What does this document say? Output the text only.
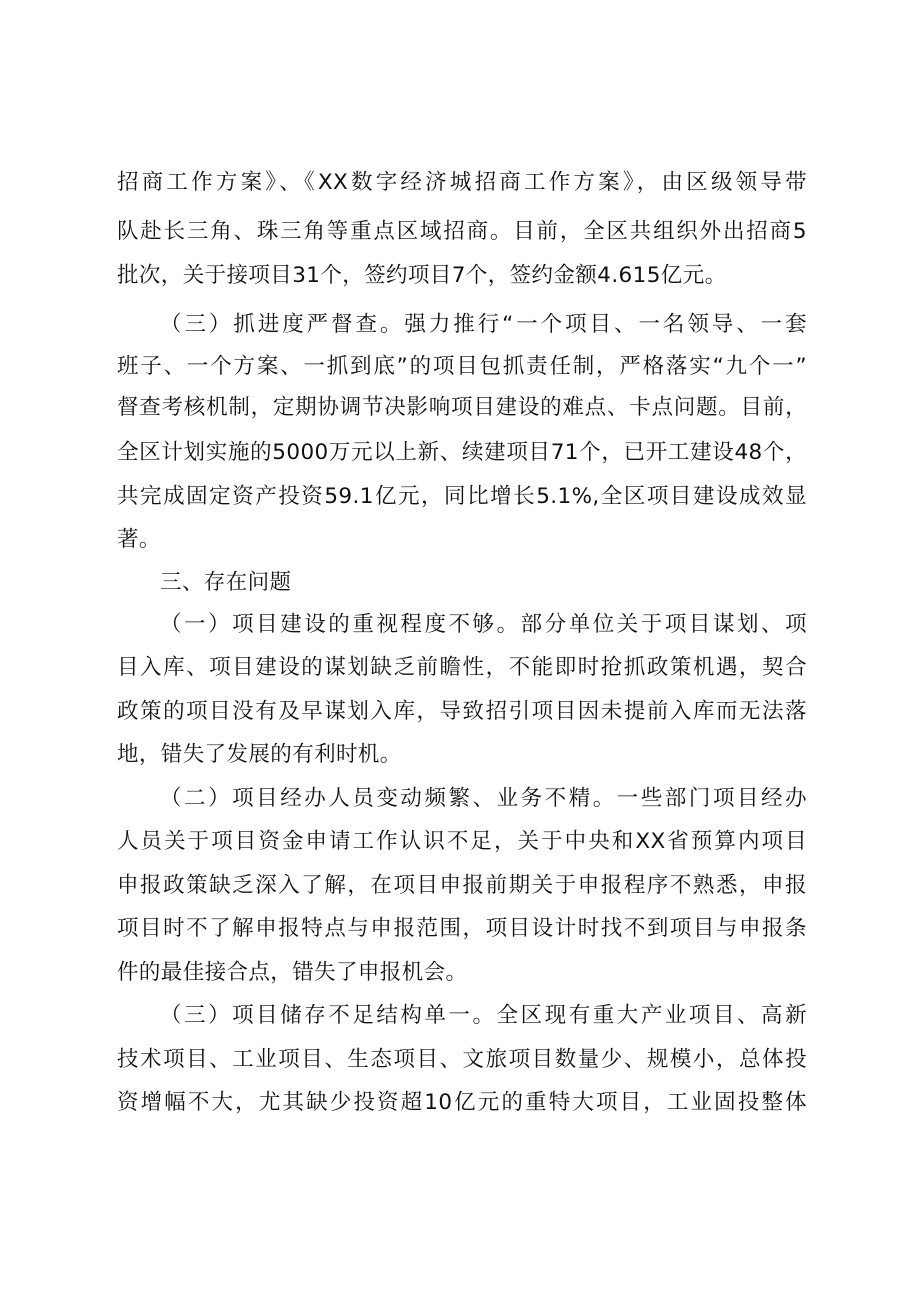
招商工作方案》、《XX数字经济城招商工作方案》，由区级领导带
队赴长三角、珠三角等重点区域招商。目前，全区共组织外出招商5
批次，关于接项目31个，签约项目7个，签约金额4.615亿元。
（三）抓进度严督查。强力推行“一个项目、一名领导、一套
班子、一个方案、一抓到底”的项目包抓责任制，严格落实“九个一”
督查考核机制，定期协调节决影响项目建设的难点、卡点问题。目前，
全区计划实施的5000万元以上新、续建项目71个，已开工建设48个，
共完成固定资产投资59.1亿元，同比增长5.1%,全区项目建设成效显
著。
三、存在问题
（一）项目建设的重视程度不够。部分单位关于项目谋划、项
目入库、项目建设的谋划缺乏前瞻性，不能即时抢抓政策机遇，契合
政策的项目没有及早谋划入库，导致招引项目因未提前入库而无法落
地，错失了发展的有利时机。
（二）项目经办人员变动频繁、业务不精。一些部门项目经办
人员关于项目资金申请工作认识不足，关于中央和XX省预算内项目
申报政策缺乏深入了解，在项目申报前期关于申报程序不熟悉，申报
项目时不了解申报特点与申报范围，项目设计时找不到项目与申报条
件的最佳接合点，错失了申报机会。
（三）项目储存不足结构单一。全区现有重大产业项目、高新
技术项目、工业项目、生态项目、文旅项目数量少、规模小，总体投
资增幅不大，尤其缺少投资超10亿元的重特大项目，工业固投整体
